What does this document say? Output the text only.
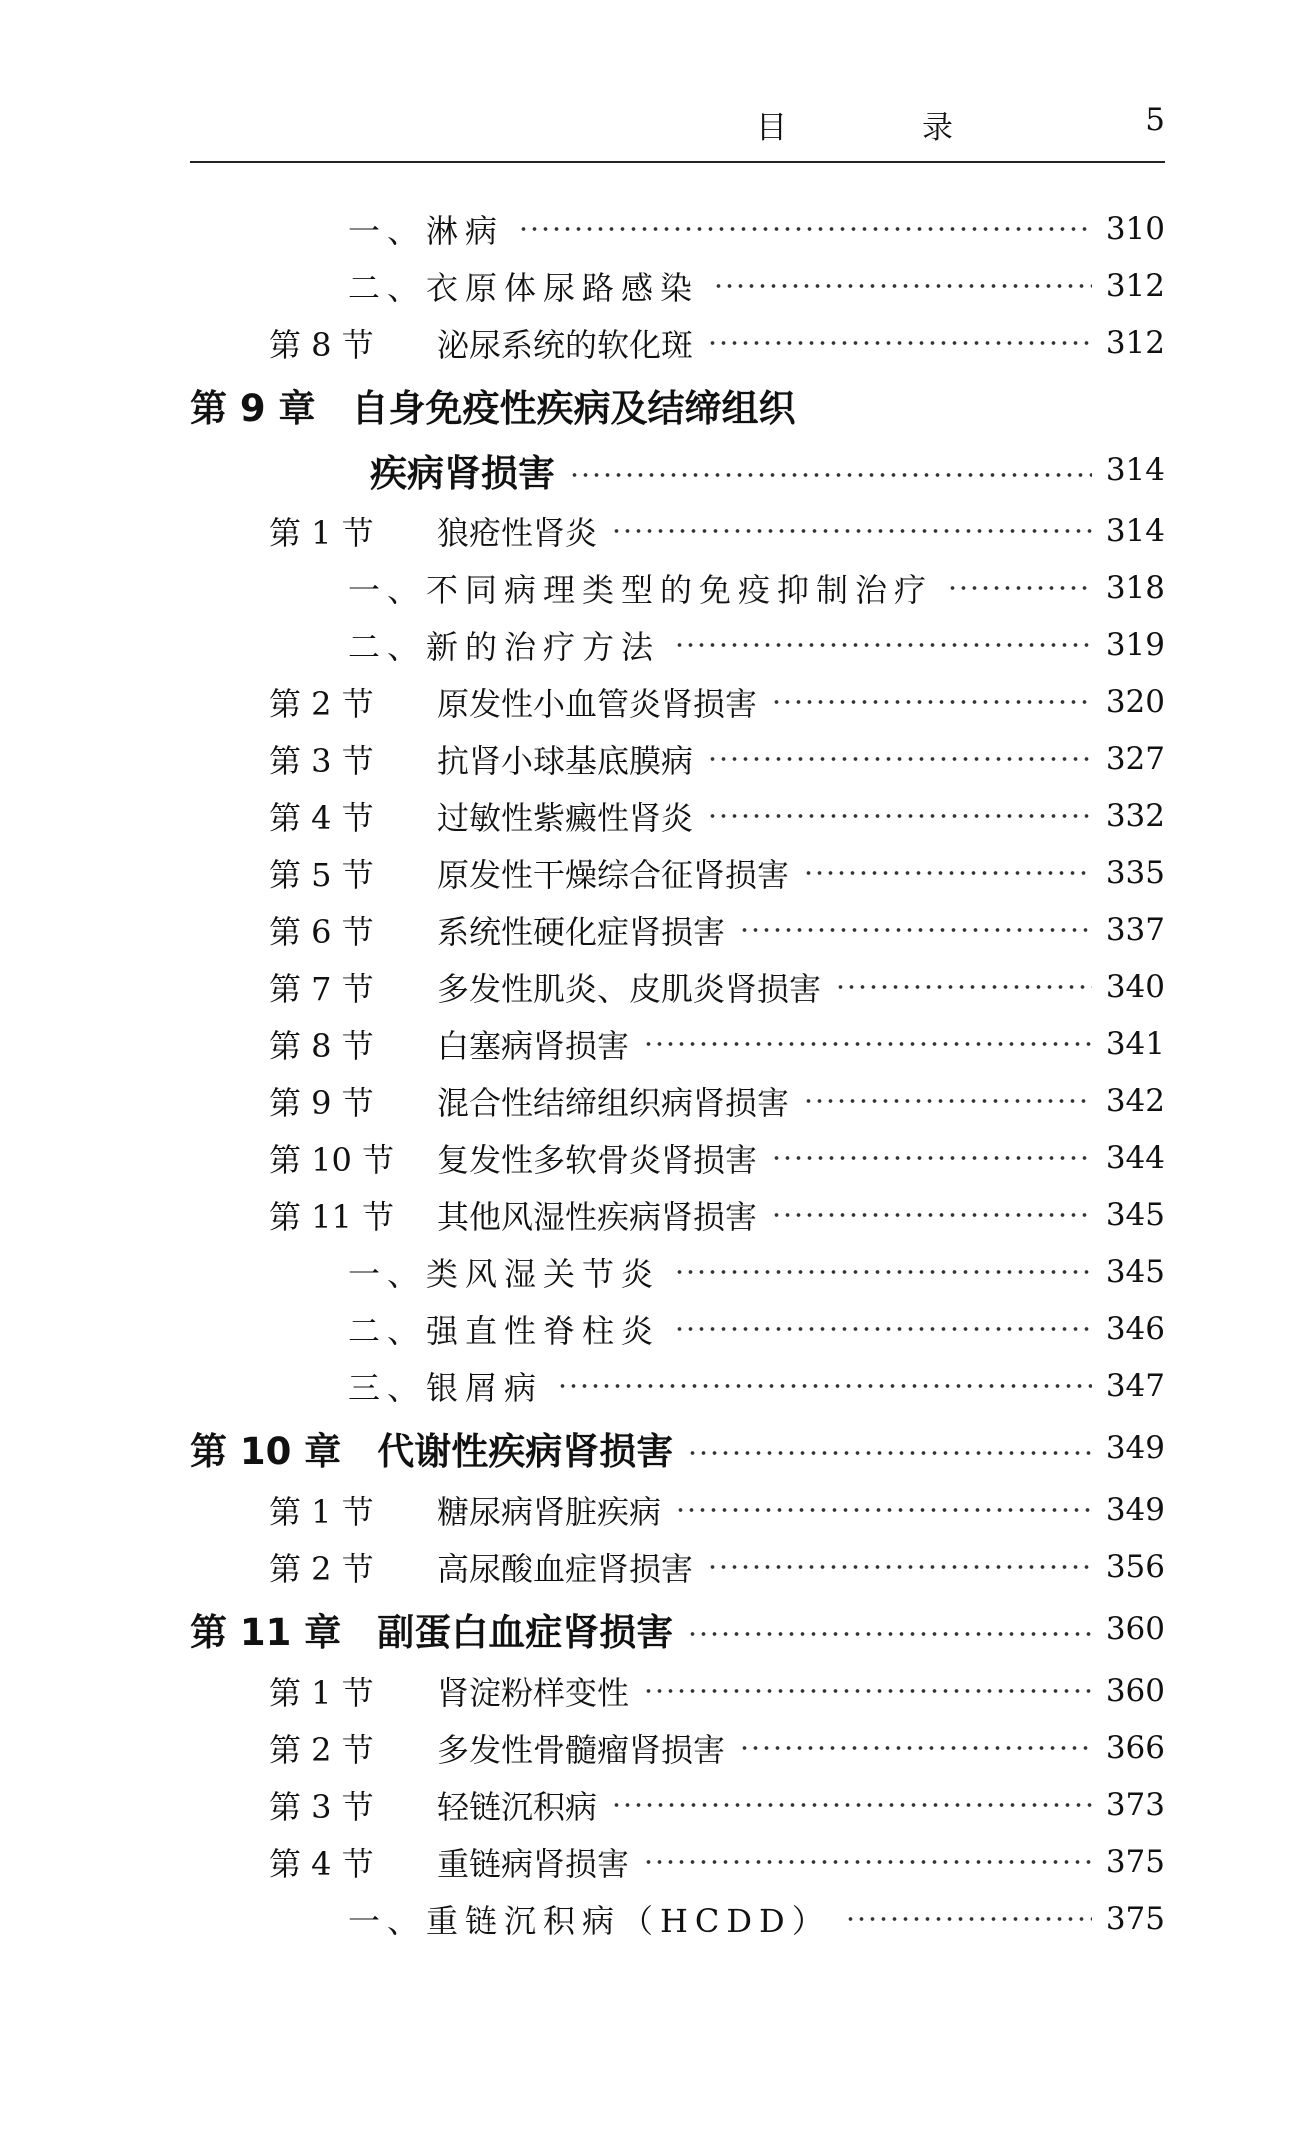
目　录	5
一、淋病	310
二、衣原体尿路感染	312
第 8 节	泌尿系统的软化斑	312
第 9 章 自身免疫性疾病及结缔组织
疾病肾损害	314
第 1 节	狼疮性肾炎	314
一、不同病理类型的免疫抑制治疗	318
二、新的治疗方法	319
第 2 节	原发性小血管炎肾损害	320
第 3 节	抗肾小球基底膜病	327
第 4 节	过敏性紫癜性肾炎	332
第 5 节	原发性干燥综合征肾损害	335
第 6 节	系统性硬化症肾损害	337
第 7 节	多发性肌炎、皮肌炎肾损害	340
第 8 节	白塞病肾损害	341
第 9 节	混合性结缔组织病肾损害	342
第 10 节	复发性多软骨炎肾损害	344
第 11 节	其他风湿性疾病肾损害	345
一、类风湿关节炎	345
二、强直性脊柱炎	346
三、银屑病	347
第 10 章 代谢性疾病肾损害	349
第 1 节	糖尿病肾脏疾病	349
第 2 节	高尿酸血症肾损害	356
第 11 章 副蛋白血症肾损害	360
第 1 节	肾淀粉样变性	360
第 2 节	多发性骨髓瘤肾损害	366
第 3 节	轻链沉积病	373
第 4 节	重链病肾损害	375
一、重链沉积病（HCDD）	375
